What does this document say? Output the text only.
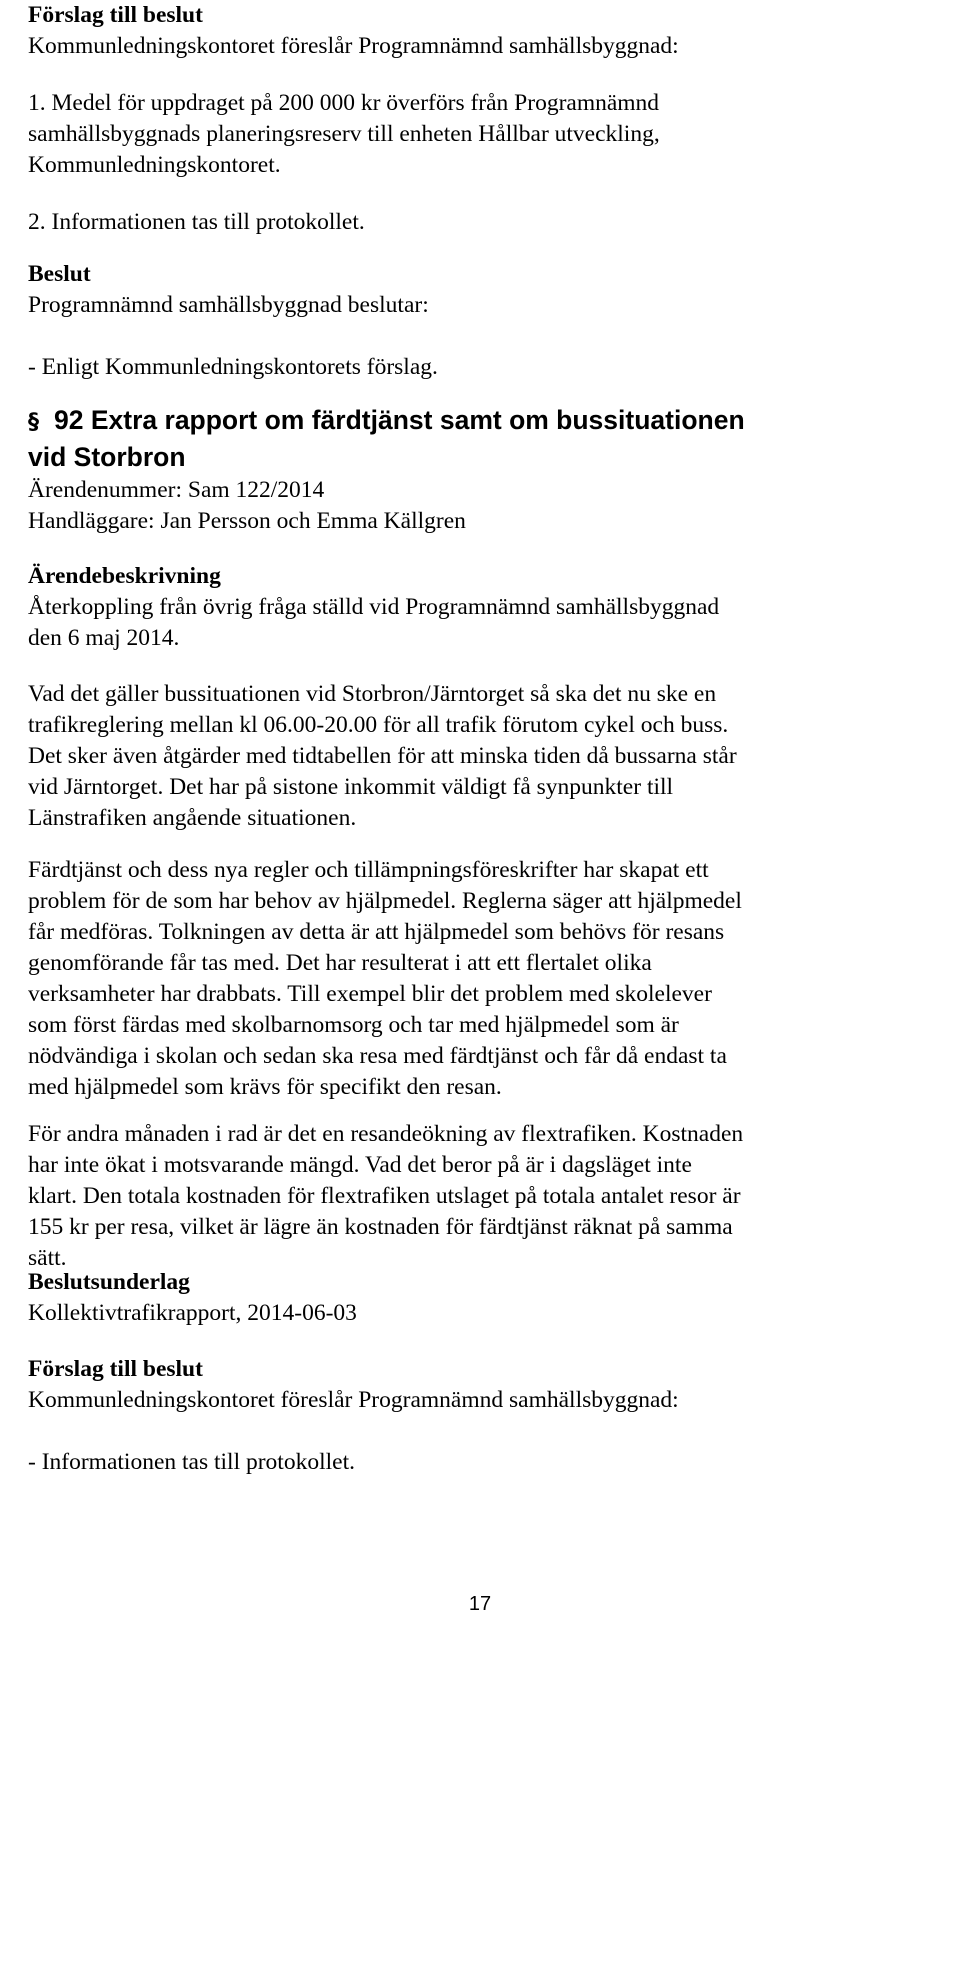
Förslag till beslut

Kommunledningskontoret föreslår Programnämnd samhällsbyggnad:

1. Medel för uppdraget på 200 000 kr överförs från Programnämnd

samhällsbyggnads planeringsreserv till enheten Hållbar utveckling,

Kommunledningskontoret.

2. Informationen tas till protokollet.

Beslut

Programnämnd samhällsbyggnad beslutar:

- Enligt Kommunledningskontorets förslag.

§ 92 Extra rapport om färdtjänst samt om bussituationen

vid Storbron

Ärendenummer: Sam 122/2014

Handläggare: Jan Persson och Emma Källgren

Ärendebeskrivning

Återkoppling från övrig fråga ställd vid Programnämnd samhällsbyggnad

den 6 maj 2014.

Vad det gäller bussituationen vid Storbron/Järntorget så ska det nu ske en

trafikreglering mellan kl 06.00-20.00 för all trafik förutom cykel och buss.

Det sker även åtgärder med tidtabellen för att minska tiden då bussarna står

vid Järntorget. Det har på sistone inkommit väldigt få synpunkter till

Länstrafiken angående situationen.

Färdtjänst och dess nya regler och tillämpningsföreskrifter har skapat ett

problem för de som har behov av hjälpmedel. Reglerna säger att hjälpmedel

får medföras. Tolkningen av detta är att hjälpmedel som behövs för resans

genomförande får tas med. Det har resulterat i att ett flertalet olika

verksamheter har drabbats. Till exempel blir det problem med skolelever

som först färdas med skolbarnomsorg och tar med hjälpmedel som är

nödvändiga i skolan och sedan ska resa med färdtjänst och får då endast ta

med hjälpmedel som krävs för specifikt den resan.

För andra månaden i rad är det en resandeökning av flextrafiken. Kostnaden

har inte ökat i motsvarande mängd. Vad det beror på är i dagsläget inte

klart. Den totala kostnaden för flextrafiken utslaget på totala antalet resor är

155 kr per resa, vilket är lägre än kostnaden för färdtjänst räknat på samma

sätt.

Beslutsunderlag

Kollektivtrafikrapport, 2014-06-03

Förslag till beslut

Kommunledningskontoret föreslår Programnämnd samhällsbyggnad:

- Informationen tas till protokollet.

17
